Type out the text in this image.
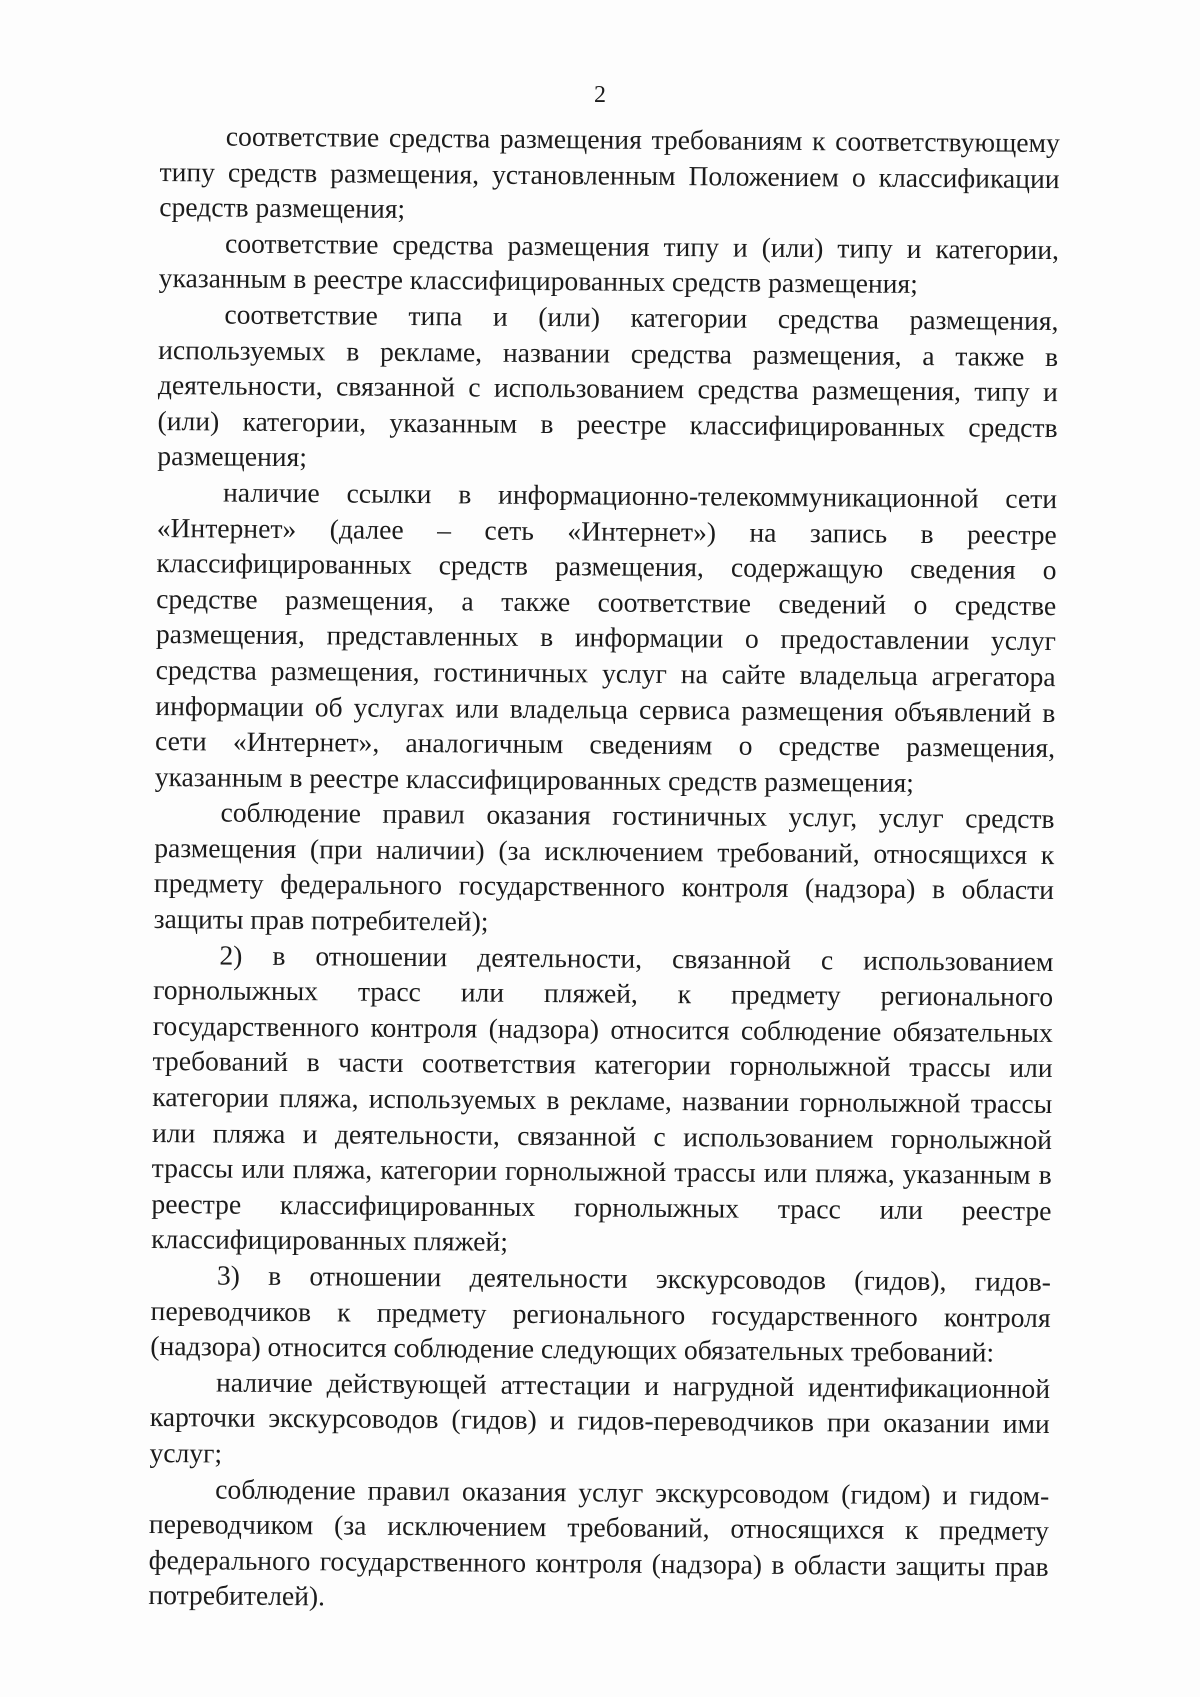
2

соответствие средства размещения требованиям к соответствующему типу средств размещения, установленным Положением о классификации средств размещения;

соответствие средства размещения типу и (или) типу и категории, указанным в реестре классифицированных средств размещения;

соответствие типа и (или) категории средства размещения, используемых в рекламе, названии средства размещения, а также в деятельности, связанной с использованием средства размещения, типу и (или) категории, указанным в реестре классифицированных средств размещения;

наличие ссылки в информационно-телекоммуникационной сети «Интернет» (далее – сеть «Интернет») на запись в реестре классифицированных средств размещения, содержащую сведения о средстве размещения, а также соответствие сведений о средстве размещения, представленных в информации о предоставлении услуг средства размещения, гостиничных услуг на сайте владельца агрегатора информации об услугах или владельца сервиса размещения объявлений в сети «Интернет», аналогичным сведениям о средстве размещения, указанным в реестре классифицированных средств размещения;

соблюдение правил оказания гостиничных услуг, услуг средств размещения (при наличии) (за исключением требований, относящихся к предмету федерального государственного контроля (надзора) в области защиты прав потребителей);

2) в отношении деятельности, связанной с использованием горнолыжных трасс или пляжей, к предмету регионального государственного контроля (надзора) относится соблюдение обязательных требований в части соответствия категории горнолыжной трассы или категории пляжа, используемых в рекламе, названии горнолыжной трассы или пляжа и деятельности, связанной с использованием горнолыжной трассы или пляжа, категории горнолыжной трассы или пляжа, указанным в реестре классифицированных горнолыжных трасс или реестре классифицированных пляжей;

3) в отношении деятельности экскурсоводов (гидов), гидов-переводчиков к предмету регионального государственного контроля (надзора) относится соблюдение следующих обязательных требований:

наличие действующей аттестации и нагрудной идентификационной карточки экскурсоводов (гидов) и гидов-переводчиков при оказании ими услуг;

соблюдение правил оказания услуг экскурсоводом (гидом) и гидом-переводчиком (за исключением требований, относящихся к предмету федерального государственного контроля (надзора) в области защиты прав потребителей).
